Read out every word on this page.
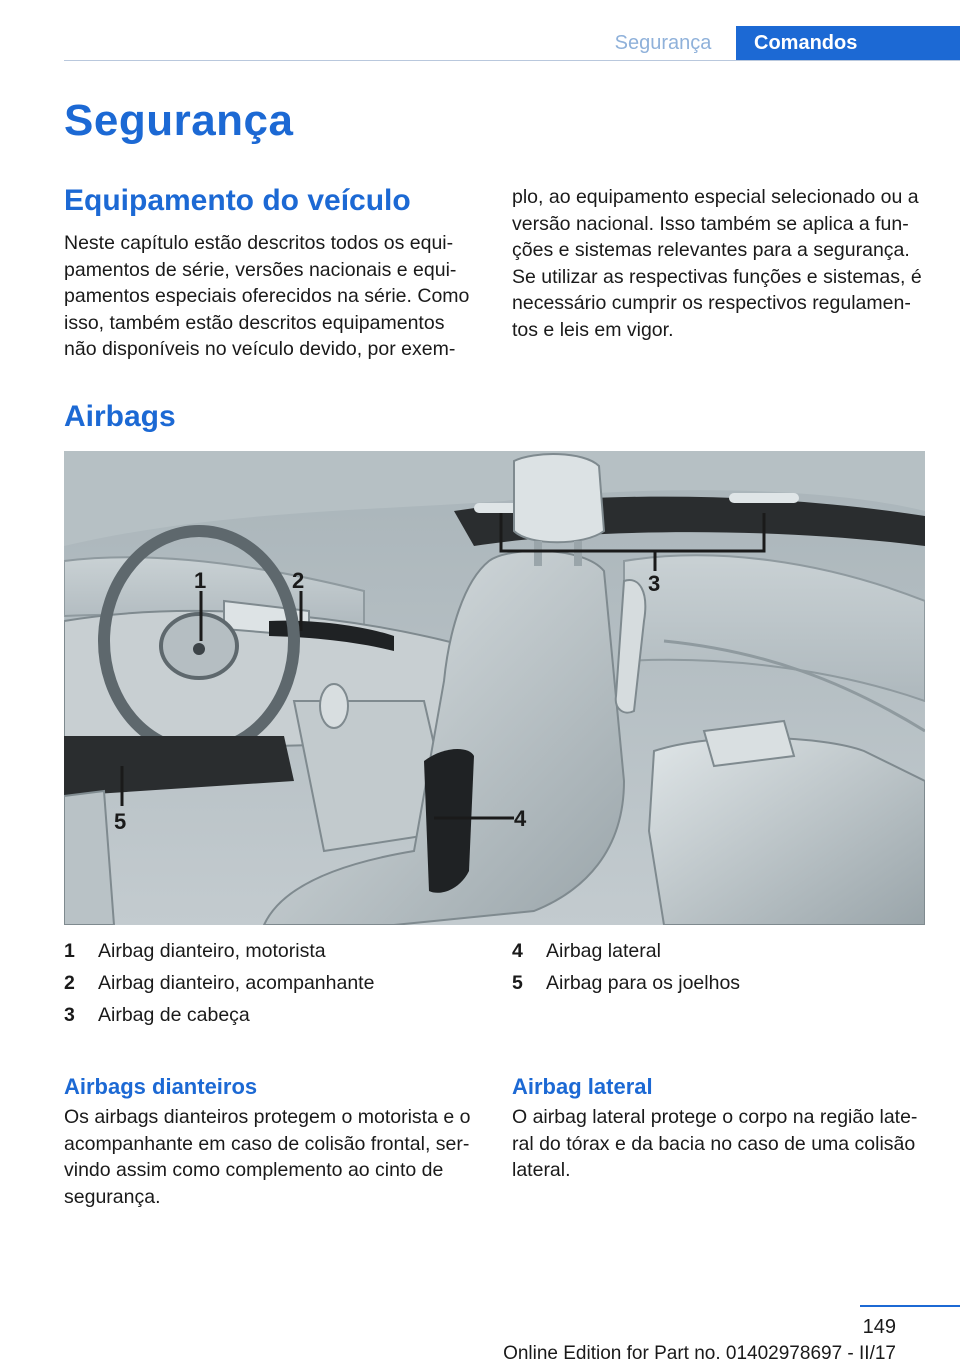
Segurança	Comandos
Segurança
Equipamento do veículo

Neste capítulo estão descritos todos os equi-pamentos de série, versões nacionais e equi-pamentos especiais oferecidos na série. Como isso, também estão descritos equipamentos não disponíveis no veículo devido, por exem-

plo, ao equipamento especial selecionado ou a versão nacional. Isso também se aplica a fun-ções e sistemas relevantes para a segurança. Se utilizar as respectivas funções e sistemas, é necessário cumprir os respectivos regulamen-tos e leis em vigor.

Airbags
1	2	3
4
5
1 Airbag dianteiro, motorista
2 Airbag dianteiro, acompanhante
3 Airbag de cabeça
4 Airbag lateral
5 Airbag para os joelhos
Airbags dianteiros

Os airbags dianteiros protegem o motorista e o acompanhante em caso de colisão frontal, ser-vindo assim como complemento ao cinto de segurança.

Airbag lateral

O airbag lateral protege o corpo na região late-ral do tórax e da bacia no caso de uma colisão lateral.

149
Online Edition for Part no. 01402978697 - II/17
